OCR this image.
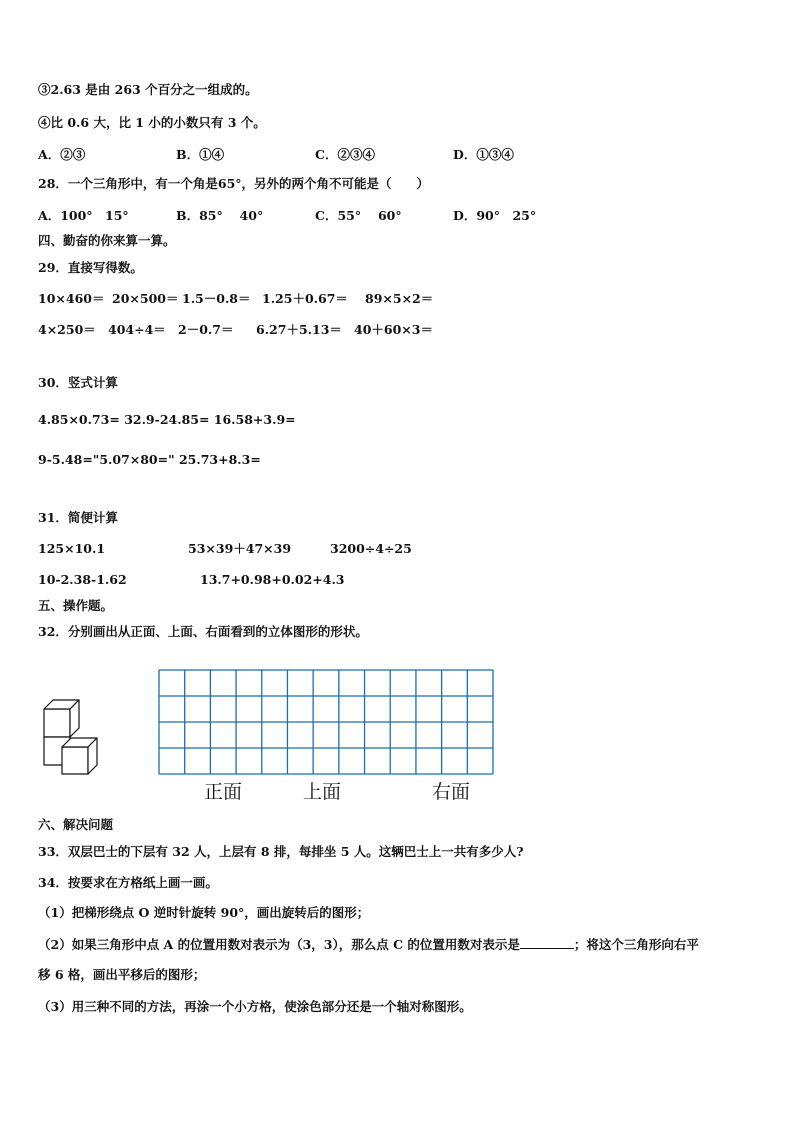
③2.63 是由 263 个百分之一组成的。
④比 0.6 大，比 1 小的小数只有 3 个。
A．②③	B．①④	C．②③④	D．①③④
28．一个三角形中，有一个角是65°，另外的两个角不可能是（　　）
A．100°　15°	B．85°　 40°	C．55°　 60°	D．90°　25°
四、勤奋的你来算一算。
29．直接写得数。
10×460＝ 20×500＝ 1.5－0.8＝ 1.25＋0.67＝ 89×5×2＝
4×250＝ 404÷4＝ 2－0.7＝ 6.27＋5.13＝ 40＋60×3＝
30．竖式计算
4.85×0.73= 32.9-24.85= 16.58+3.9=
9-5.48="5.07×80=" 25.73+8.3=
31．简便计算
125×10.1	53×39＋47×39	3200÷4÷25
10-2.38-1.62	13.7+0.98+0.02+4.3
五、操作题。
32．分别画出从正面、上面、右面看到的立体图形的形状。
正面	上面	右面
六、解决问题
33．双层巴士的下层有 32 人，上层有 8 排，每排坐 5 人。这辆巴士上一共有多少人?
34．按要求在方格纸上画一画。
（1）把梯形绕点 O 逆时针旋转 90°，画出旋转后的图形；
（2）如果三角形中点 A 的位置用数对表示为（3，3），那么点 C 的位置用数对表示是	；将这个三角形向右平
移 6 格，画出平移后的图形；
（3）用三种不同的方法，再涂一个小方格，使涂色部分还是一个轴对称图形。
